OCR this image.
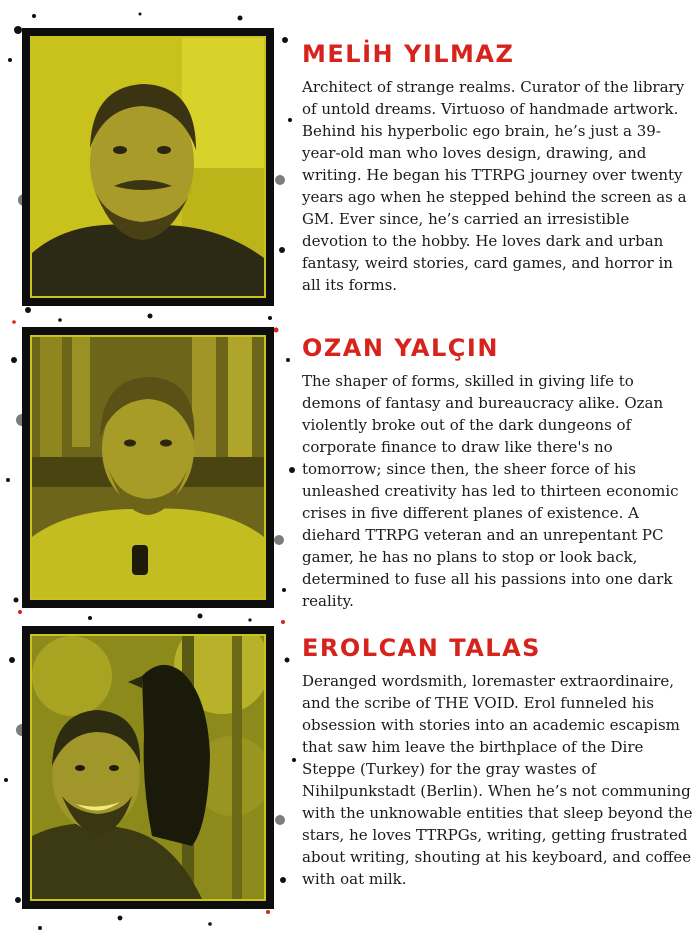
MELİH YILMAZ

Architect of strange realms. Curator of the library of untold dreams. Virtuoso of handmade artwork. Behind his hyperbolic ego brain, he’s just a 39-year-old man who loves design, drawing, and writing. He began his TTRPG journey over twenty years ago when he stepped behind the screen as a GM. Ever since, he’s carried an irresistible devotion to the hobby. He loves dark and urban fantasy, weird stories, card games, and horror in all its forms.

OZAN YALÇIN

The shaper of forms, skilled in giving life to demons of fantasy and bureaucracy alike. Ozan violently broke out of the dark dungeons of corporate finance to draw like there's no tomorrow; since then, the sheer force of his unleashed creativity has led to thirteen economic crises in five different planes of existence. A diehard TTRPG veteran and an unrepentant PC gamer, he has no plans to stop or look back, determined to fuse all his passions into one dark reality.

EROLCAN TALAS

Deranged wordsmith, loremaster extraordinaire, and the scribe of THE VOID. Erol funneled his obsession with stories into an academic escapism that saw him leave the birthplace of the Dire Steppe (Turkey) for the gray wastes of Nihilpunkstadt (Berlin). When he’s not communing with the unknowable entities that sleep beyond the stars, he loves TTRPGs, writing, getting frustrated about writing, shouting at his keyboard, and coffee with oat milk.
